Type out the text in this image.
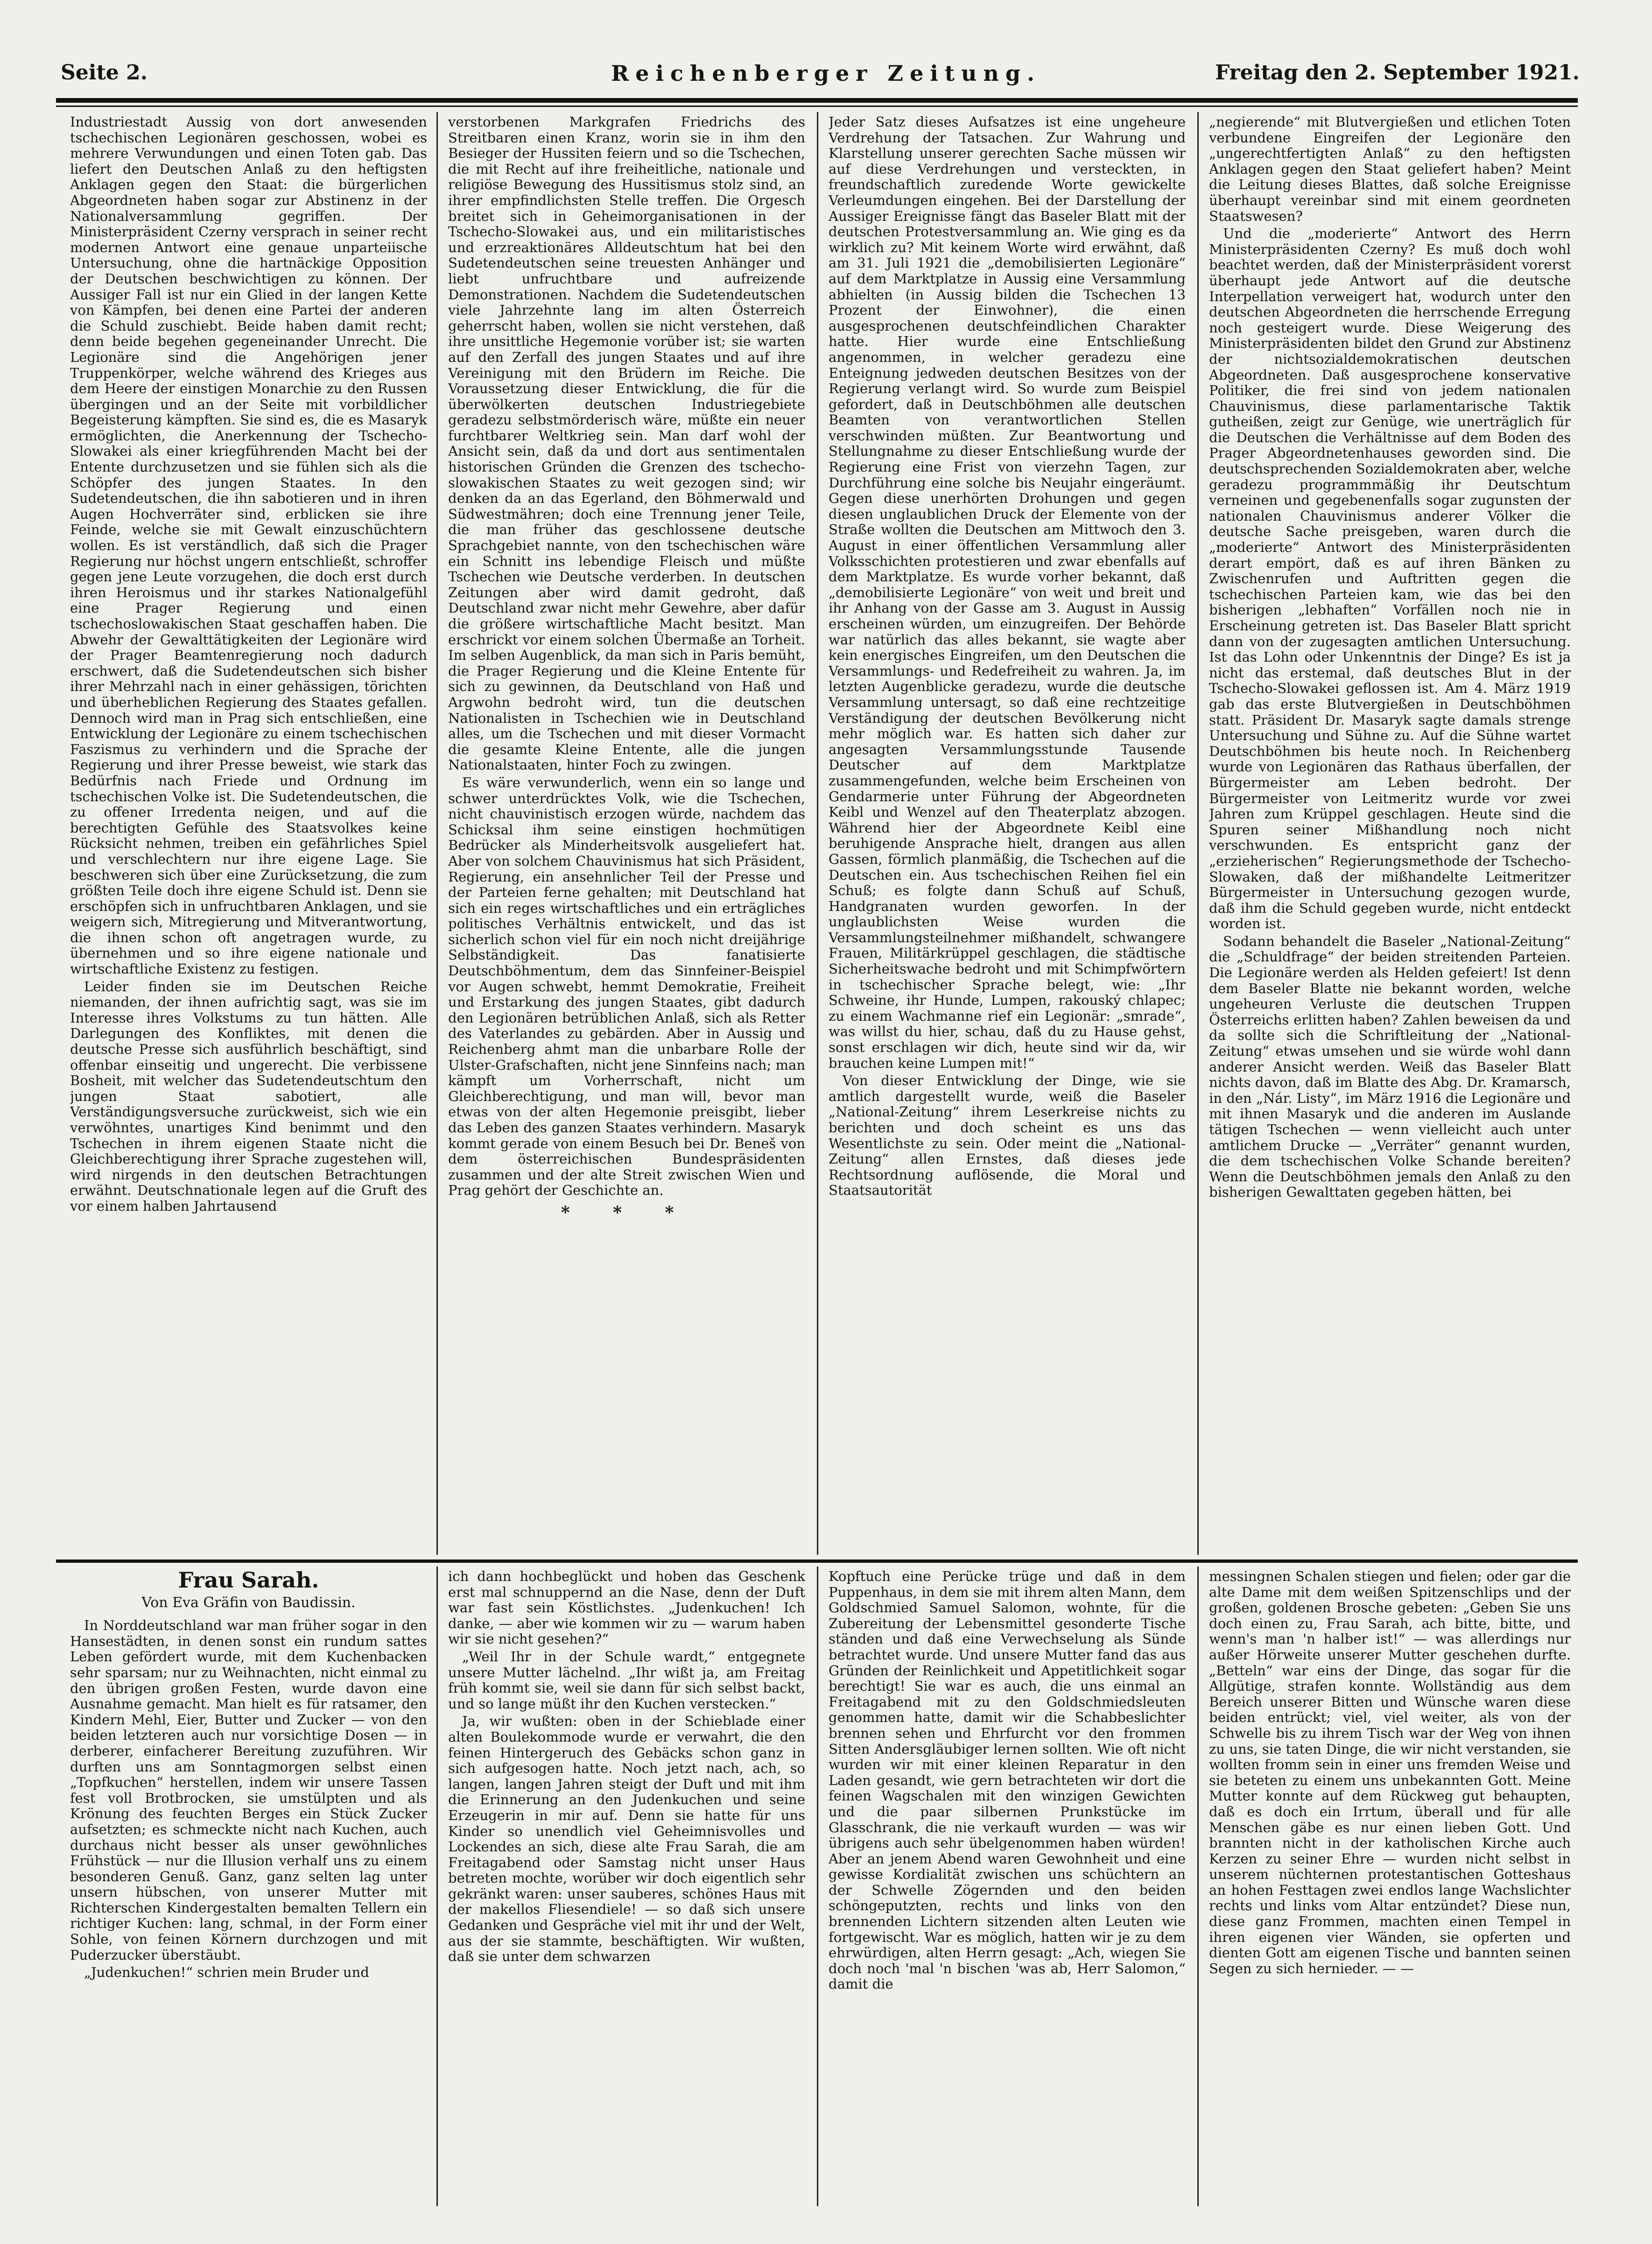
Seite 2.	Reichenberger Zeitung.	Freitag den 2. September 1921.

Industriestadt Aussig von dort anwesenden tschechischen Legionären geschossen, wobei es mehrere Verwundungen und einen Toten gab. Das liefert den Deutschen Anlaß zu den heftigsten Anklagen gegen den Staat: die bürgerlichen Abgeordneten haben sogar zur Abstinenz in der Nationalversammlung gegriffen. Der Ministerpräsident Czerny versprach in seiner recht modernen Antwort eine genaue unparteiische Untersuchung, ohne die hartnäckige Opposition der Deutschen beschwichtigen zu können. Der Aussiger Fall ist nur ein Glied in der langen Kette von Kämpfen, bei denen eine Partei der anderen die Schuld zuschiebt. Beide haben damit recht; denn beide begehen gegeneinander Unrecht. Die Legionäre sind die Angehörigen jener Truppenkörper, welche während des Krieges aus dem Heere der einstigen Monarchie zu den Russen übergingen und an der Seite mit vorbildlicher Begeisterung kämpften. Sie sind es, die es Masaryk ermöglichten, die Anerkennung der Tschecho-Slowakei als einer kriegführenden Macht bei der Entente durchzusetzen und sie fühlen sich als die Schöpfer des jungen Staates. In den Sudetendeutschen, die ihn sabotieren und in ihren Augen Hochverräter sind, erblicken sie ihre Feinde, welche sie mit Gewalt einzuschüchtern wollen. Es ist verständlich, daß sich die Prager Regierung nur höchst ungern entschließt, schroffer gegen jene Leute vorzugehen, die doch erst durch ihren Heroismus und ihr starkes Nationalgefühl eine Prager Regierung und einen tschechoslowakischen Staat geschaffen haben. Die Abwehr der Gewalttätigkeiten der Legionäre wird der Prager Beamtenregierung noch dadurch erschwert, daß die Sudetendeutschen sich bisher ihrer Mehrzahl nach in einer gehässigen, törichten und überheblichen Regierung des Staates gefallen. Dennoch wird man in Prag sich entschließen, eine Entwicklung der Legionäre zu einem tschechischen Faszismus zu verhindern und die Sprache der Regierung und ihrer Presse beweist, wie stark das Bedürfnis nach Friede und Ordnung im tschechischen Volke ist. Die Sudetendeutschen, die zu offener Irredenta neigen, und auf die berechtigten Gefühle des Staatsvolkes keine Rücksicht nehmen, treiben ein gefährliches Spiel und verschlechtern nur ihre eigene Lage. Sie beschweren sich über eine Zurücksetzung, die zum größten Teile doch ihre eigene Schuld ist. Denn sie erschöpfen sich in unfruchtbaren Anklagen, und sie weigern sich, Mitregierung und Mitverantwortung, die ihnen schon oft angetragen wurde, zu übernehmen und so ihre eigene nationale und wirtschaftliche Existenz zu festigen.

Leider finden sie im Deutschen Reiche niemanden, der ihnen aufrichtig sagt, was sie im Interesse ihres Volkstums zu tun hätten. Alle Darlegungen des Konfliktes, mit denen die deutsche Presse sich ausführlich beschäftigt, sind offenbar einseitig und ungerecht. Die verbissene Bosheit, mit welcher das Sudetendeutschtum den jungen Staat sabotiert, alle Verständigungsversuche zurückweist, sich wie ein verwöhntes, unartiges Kind benimmt und den Tschechen in ihrem eigenen Staate nicht die Gleichberechtigung ihrer Sprache zugestehen will, wird nirgends in den deutschen Betrachtungen erwähnt. Deutschnationale legen auf die Gruft des vor einem halben Jahrtausend

verstorbenen Markgrafen Friedrichs des Streitbaren einen Kranz, worin sie in ihm den Besieger der Hussiten feiern und so die Tschechen, die mit Recht auf ihre freiheitliche, nationale und religiöse Bewegung des Hussitismus stolz sind, an ihrer empfindlichsten Stelle treffen. Die Orgesch breitet sich in Geheimorganisationen in der Tschecho-Slowakei aus, und ein militaristisches und erzreaktionäres Alldeutschtum hat bei den Sudetendeutschen seine treuesten Anhänger und liebt unfruchtbare und aufreizende Demonstrationen. Nachdem die Sudetendeutschen viele Jahrzehnte lang im alten Österreich geherrscht haben, wollen sie nicht verstehen, daß ihre unsittliche Hegemonie vorüber ist; sie warten auf den Zerfall des jungen Staates und auf ihre Vereinigung mit den Brüdern im Reiche. Die Voraussetzung dieser Entwicklung, die für die überwölkerten deutschen Industriegebiete geradezu selbstmörderisch wäre, müßte ein neuer furchtbarer Weltkrieg sein. Man darf wohl der Ansicht sein, daß da und dort aus sentimentalen historischen Gründen die Grenzen des tschecho-slowakischen Staates zu weit gezogen sind; wir denken da an das Egerland, den Böhmerwald und Südwestmähren; doch eine Trennung jener Teile, die man früher das geschlossene deutsche Sprachgebiet nannte, von den tschechischen wäre ein Schnitt ins lebendige Fleisch und müßte Tschechen wie Deutsche verderben. In deutschen Zeitungen aber wird damit gedroht, daß Deutschland zwar nicht mehr Gewehre, aber dafür die größere wirtschaftliche Macht besitzt. Man erschrickt vor einem solchen Übermaße an Torheit. Im selben Augenblick, da man sich in Paris bemüht, die Prager Regierung und die Kleine Entente für sich zu gewinnen, da Deutschland von Haß und Argwohn bedroht wird, tun die deutschen Nationalisten in Tschechien wie in Deutschland alles, um die Tschechen und mit dieser Vormacht die gesamte Kleine Entente, alle die jungen Nationalstaaten, hinter Foch zu zwingen.

Es wäre verwunderlich, wenn ein so lange und schwer unterdrücktes Volk, wie die Tschechen, nicht chauvinistisch erzogen würde, nachdem das Schicksal ihm seine einstigen hochmütigen Bedrücker als Minderheitsvolk ausgeliefert hat. Aber von solchem Chauvinismus hat sich Präsident, Regierung, ein ansehnlicher Teil der Presse und der Parteien ferne gehalten; mit Deutschland hat sich ein reges wirtschaftliches und ein erträgliches politisches Verhältnis entwickelt, und das ist sicherlich schon viel für ein noch nicht dreijährige Selbständigkeit. Das fanatisierte Deutschböhmentum, dem das Sinnfeiner-Beispiel vor Augen schwebt, hemmt Demokratie, Freiheit und Erstarkung des jungen Staates, gibt dadurch den Legionären betrüblichen Anlaß, sich als Retter des Vaterlandes zu gebärden. Aber in Aussig und Reichenberg ahmt man die unbarbare Rolle der Ulster-Grafschaften, nicht jene Sinnfeins nach; man kämpft um Vorherrschaft, nicht um Gleichberechtigung, und man will, bevor man etwas von der alten Hegemonie preisgibt, lieber das Leben des ganzen Staates verhindern. Masaryk kommt gerade von einem Besuch bei Dr. Beneš von dem österreichischen Bundespräsidenten zusammen und der alte Streit zwischen Wien und Prag gehört der Geschichte an.

* * *

Jeder Satz dieses Aufsatzes ist eine ungeheure Verdrehung der Tatsachen. Zur Wahrung und Klarstellung unserer gerechten Sache müssen wir auf diese Verdrehungen und versteckten, in freundschaftlich zuredende Worte gewickelte Verleumdungen eingehen. Bei der Darstellung der Aussiger Ereignisse fängt das Baseler Blatt mit der deutschen Protestversammlung an. Wie ging es da wirklich zu? Mit keinem Worte wird erwähnt, daß am 31. Juli 1921 die „demobilisierten Legionäre“ auf dem Marktplatze in Aussig eine Versammlung abhielten (in Aussig bilden die Tschechen 13 Prozent der Einwohner), die einen ausgesprochenen deutschfeindlichen Charakter hatte. Hier wurde eine Entschließung angenommen, in welcher geradezu eine Enteignung jedweden deutschen Besitzes von der Regierung verlangt wird. So wurde zum Beispiel gefordert, daß in Deutschböhmen alle deutschen Beamten von verantwortlichen Stellen verschwinden müßten. Zur Beantwortung und Stellungnahme zu dieser Entschließung wurde der Regierung eine Frist von vierzehn Tagen, zur Durchführung eine solche bis Neujahr eingeräumt. Gegen diese unerhörten Drohungen und gegen diesen unglaublichen Druck der Elemente von der Straße wollten die Deutschen am Mittwoch den 3. August in einer öffentlichen Versammlung aller Volksschichten protestieren und zwar ebenfalls auf dem Marktplatze. Es wurde vorher bekannt, daß „demobilisierte Legionäre“ von weit und breit und ihr Anhang von der Gasse am 3. August in Aussig erscheinen würden, um einzugreifen. Der Behörde war natürlich das alles bekannt, sie wagte aber kein energisches Eingreifen, um den Deutschen die Versammlungs- und Redefreiheit zu wahren. Ja, im letzten Augenblicke geradezu, wurde die deutsche Versammlung untersagt, so daß eine rechtzeitige Verständigung der deutschen Bevölkerung nicht mehr möglich war. Es hatten sich daher zur angesagten Versammlungsstunde Tausende Deutscher auf dem Marktplatze zusammengefunden, welche beim Erscheinen von Gendarmerie unter Führung der Abgeordneten Keibl und Wenzel auf den Theaterplatz abzogen. Während hier der Abgeordnete Keibl eine beruhigende Ansprache hielt, drangen aus allen Gassen, förmlich planmäßig, die Tschechen auf die Deutschen ein. Aus tschechischen Reihen fiel ein Schuß; es folgte dann Schuß auf Schuß, Handgranaten wurden geworfen. In der unglaublichsten Weise wurden die Versammlungsteilnehmer mißhandelt, schwangere Frauen, Militärkrüppel geschlagen, die städtische Sicherheitswache bedroht und mit Schimpfwörtern in tschechischer Sprache belegt, wie: „Ihr Schweine, ihr Hunde, Lumpen, rakouský chlapec; zu einem Wachmanne rief ein Legionär: „smrade“, was willst du hier, schau, daß du zu Hause gehst, sonst erschlagen wir dich, heute sind wir da, wir brauchen keine Lumpen mit!“

Von dieser Entwicklung der Dinge, wie sie amtlich dargestellt wurde, weiß die Baseler „National-Zeitung“ ihrem Leserkreise nichts zu berichten und doch scheint es uns das Wesentlichste zu sein. Oder meint die „National-Zeitung“ allen Ernstes, daß dieses jede Rechtsordnung auflösende, die Moral und Staatsautorität

„negierende“ mit Blutvergießen und etlichen Toten verbundene Eingreifen der Legionäre den „ungerechtfertigten Anlaß“ zu den heftigsten Anklagen gegen den Staat geliefert haben? Meint die Leitung dieses Blattes, daß solche Ereignisse überhaupt vereinbar sind mit einem geordneten Staatswesen?

Und die „moderierte“ Antwort des Herrn Ministerpräsidenten Czerny? Es muß doch wohl beachtet werden, daß der Ministerpräsident vorerst überhaupt jede Antwort auf die deutsche Interpellation verweigert hat, wodurch unter den deutschen Abgeordneten die herrschende Erregung noch gesteigert wurde. Diese Weigerung des Ministerpräsidenten bildet den Grund zur Abstinenz der nichtsozialdemokratischen deutschen Abgeordneten. Daß ausgesprochene konservative Politiker, die frei sind von jedem nationalen Chauvinismus, diese parlamentarische Taktik gutheißen, zeigt zur Genüge, wie unerträglich für die Deutschen die Verhältnisse auf dem Boden des Prager Abgeordnetenhauses geworden sind. Die deutschsprechenden Sozialdemokraten aber, welche geradezu programmmäßig ihr Deutschtum verneinen und gegebenenfalls sogar zugunsten der nationalen Chauvinismus anderer Völker die deutsche Sache preisgeben, waren durch die „moderierte“ Antwort des Ministerpräsidenten derart empört, daß es auf ihren Bänken zu Zwischenrufen und Auftritten gegen die tschechischen Parteien kam, wie das bei den bisherigen „lebhaften“ Vorfällen noch nie in Erscheinung getreten ist. Das Baseler Blatt spricht dann von der zugesagten amtlichen Untersuchung. Ist das Lohn oder Unkenntnis der Dinge? Es ist ja nicht das erstemal, daß deutsches Blut in der Tschecho-Slowakei geflossen ist. Am 4. März 1919 gab das erste Blutvergießen in Deutschböhmen statt. Präsident Dr. Masaryk sagte damals strenge Untersuchung und Sühne zu. Auf die Sühne wartet Deutschböhmen bis heute noch. In Reichenberg wurde von Legionären das Rathaus überfallen, der Bürgermeister am Leben bedroht. Der Bürgermeister von Leitmeritz wurde vor zwei Jahren zum Krüppel geschlagen. Heute sind die Spuren seiner Mißhandlung noch nicht verschwunden. Es entspricht ganz der „erzieherischen“ Regierungsmethode der Tschecho-Slowaken, daß der mißhandelte Leitmeritzer Bürgermeister in Untersuchung gezogen wurde, daß ihm die Schuld gegeben wurde, nicht entdeckt worden ist.

Sodann behandelt die Baseler „National-Zeitung“ die „Schuldfrage“ der beiden streitenden Parteien. Die Legionäre werden als Helden gefeiert! Ist denn dem Baseler Blatte nie bekannt worden, welche ungeheuren Verluste die deutschen Truppen Österreichs erlitten haben? Zahlen beweisen da und da sollte sich die Schriftleitung der „National-Zeitung“ etwas umsehen und sie würde wohl dann anderer Ansicht werden. Weiß das Baseler Blatt nichts davon, daß im Blatte des Abg. Dr. Kramarsch, in den „Nár. Listy“, im März 1916 die Legionäre und mit ihnen Masaryk und die anderen im Auslande tätigen Tschechen — wenn vielleicht auch unter amtlichem Drucke — „Verräter“ genannt wurden, die dem tschechischen Volke Schande bereiten? Wenn die Deutschböhmen jemals den Anlaß zu den bisherigen Gewalttaten gegeben hätten, bei

Frau Sarah.
Von Eva Gräfin von Baudissin.

In Norddeutschland war man früher sogar in den Hansestädten, in denen sonst ein rundum sattes Leben gefördert wurde, mit dem Kuchenbacken sehr sparsam; nur zu Weihnachten, nicht einmal zu den übrigen großen Festen, wurde davon eine Ausnahme gemacht. Man hielt es für ratsamer, den Kindern Mehl, Eier, Butter und Zucker — von den beiden letzteren auch nur vorsichtige Dosen — in derberer, einfacherer Bereitung zuzuführen. Wir durften uns am Sonntagmorgen selbst einen „Topfkuchen“ herstellen, indem wir unsere Tassen fest voll Brotbrocken, sie umstülpten und als Krönung des feuchten Berges ein Stück Zucker aufsetzten; es schmeckte nicht nach Kuchen, auch durchaus nicht besser als unser gewöhnliches Frühstück — nur die Illusion verhalf uns zu einem besonderen Genuß. Ganz, ganz selten lag unter unsern hübschen, von unserer Mutter mit Richterschen Kindergestalten bemalten Tellern ein richtiger Kuchen: lang, schmal, in der Form einer Sohle, von feinen Körnern durchzogen und mit Puderzucker überstäubt.

„Judenkuchen!“ schrien mein Bruder und

ich dann hochbeglückt und hoben das Geschenk erst mal schnuppernd an die Nase, denn der Duft war fast sein Köstlichstes. „Judenkuchen! Ich danke, — aber wie kommen wir zu — warum haben wir sie nicht gesehen?“

„Weil Ihr in der Schule wardt,“ entgegnete unsere Mutter lächelnd. „Ihr wißt ja, am Freitag früh kommt sie, weil sie dann für sich selbst backt, und so lange müßt ihr den Kuchen verstecken.“

Ja, wir wußten: oben in der Schieblade einer alten Boulekommode wurde er verwahrt, die den feinen Hintergeruch des Gebäcks schon ganz in sich aufgesogen hatte. Noch jetzt nach, ach, so langen, langen Jahren steigt der Duft und mit ihm die Erinnerung an den Judenkuchen und seine Erzeugerin in mir auf. Denn sie hatte für uns Kinder so unendlich viel Geheimnisvolles und Lockendes an sich, diese alte Frau Sarah, die am Freitagabend oder Samstag nicht unser Haus betreten mochte, worüber wir doch eigentlich sehr gekränkt waren: unser sauberes, schönes Haus mit der makellos Fliesendiele! — so daß sich unsere Gedanken und Gespräche viel mit ihr und der Welt, aus der sie stammte, beschäftigten. Wir wußten, daß sie unter dem schwarzen

Kopftuch eine Perücke trüge und daß in dem Puppenhaus, in dem sie mit ihrem alten Mann, dem Goldschmied Samuel Salomon, wohnte, für die Zubereitung der Lebensmittel gesonderte Tische ständen und daß eine Verwechselung als Sünde betrachtet wurde. Und unsere Mutter fand das aus Gründen der Reinlichkeit und Appetitlichkeit sogar berechtigt! Sie war es auch, die uns einmal an Freitagabend mit zu den Goldschmiedsleuten genommen hatte, damit wir die Schabbeslichter brennen sehen und Ehrfurcht vor den frommen Sitten Andersgläubiger lernen sollten. Wie oft nicht wurden wir mit einer kleinen Reparatur in den Laden gesandt, wie gern betrachteten wir dort die feinen Wagschalen mit den winzigen Gewichten und die paar silbernen Prunkstücke im Glasschrank, die nie verkauft wurden — was wir übrigens auch sehr übelgenommen haben würden! Aber an jenem Abend waren Gewohnheit und eine gewisse Kordialität zwischen uns schüchtern an der Schwelle Zögernden und den beiden schöngeputzten, rechts und links von den brennenden Lichtern sitzenden alten Leuten wie fortgewischt. War es möglich, hatten wir je zu dem ehrwürdigen, alten Herrn gesagt: „Ach, wiegen Sie doch noch 'mal 'n bischen 'was ab, Herr Salomon,“ damit die

messingnen Schalen stiegen und fielen; oder gar die alte Dame mit dem weißen Spitzenschlips und der großen, goldenen Brosche gebeten: „Geben Sie uns doch einen zu, Frau Sarah, ach bitte, bitte, und wenn's man 'n halber ist!“ — was allerdings nur außer Hörweite unserer Mutter geschehen durfte. „Betteln“ war eins der Dinge, das sogar für die Allgütige, strafen konnte. Wollständig aus dem Bereich unserer Bitten und Wünsche waren diese beiden entrückt; viel, viel weiter, als von der Schwelle bis zu ihrem Tisch war der Weg von ihnen zu uns, sie taten Dinge, die wir nicht verstanden, sie wollten fromm sein in einer uns fremden Weise und sie beteten zu einem uns unbekannten Gott. Meine Mutter konnte auf dem Rückweg gut behaupten, daß es doch ein Irrtum, überall und für alle Menschen gäbe es nur einen lieben Gott. Und brannten nicht in der katholischen Kirche auch Kerzen zu seiner Ehre — wurden nicht selbst in unserem nüchternen protestantischen Gotteshaus an hohen Festtagen zwei endlos lange Wachslichter rechts und links vom Altar entzündet? Diese nun, diese ganz Frommen, machten einen Tempel in ihren eigenen vier Wänden, sie opferten und dienten Gott am eigenen Tische und bannten seinen Segen zu sich hernieder. — —
